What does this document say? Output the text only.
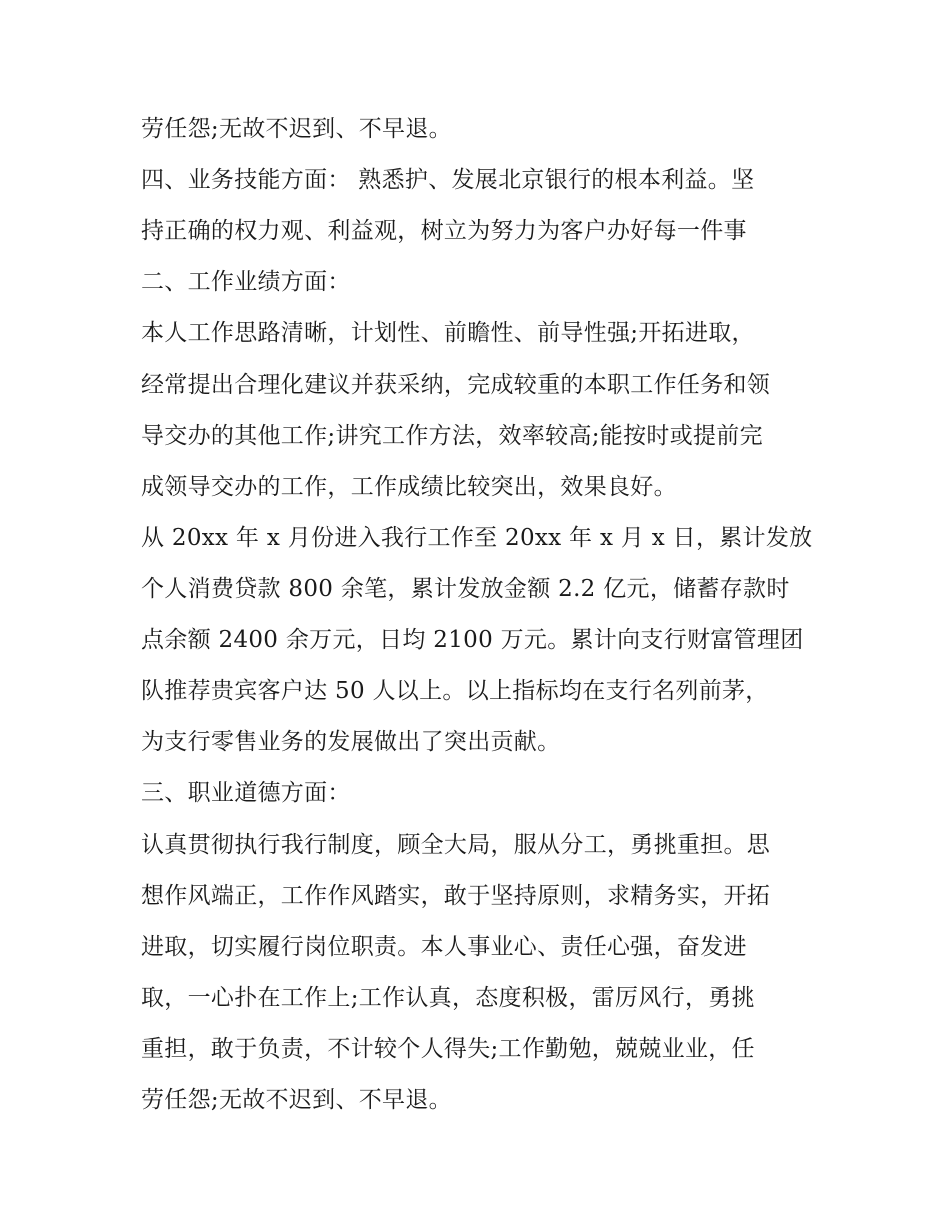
劳任怨;无故不迟到、不早退。
四、业务技能方面： 熟悉护、发展北京银行的根本利益。坚
持正确的权力观、利益观，树立为努力为客户办好每一件事
二、工作业绩方面：
本人工作思路清晰，计划性、前瞻性、前导性强;开拓进取，
经常提出合理化建议并获采纳，完成较重的本职工作任务和领
导交办的其他工作;讲究工作方法，效率较高;能按时或提前完
成领导交办的工作，工作成绩比较突出，效果良好。
从 20xx 年 x 月份进入我行工作至 20xx 年 x 月 x 日，累计发放
个人消费贷款 800 余笔，累计发放金额 2.2 亿元，储蓄存款时
点余额 2400 余万元，日均 2100 万元。累计向支行财富管理团
队推荐贵宾客户达 50 人以上。以上指标均在支行名列前茅，
为支行零售业务的发展做出了突出贡献。
三、职业道德方面：
认真贯彻执行我行制度，顾全大局，服从分工，勇挑重担。思
想作风端正，工作作风踏实，敢于坚持原则，求精务实，开拓
进取，切实履行岗位职责。本人事业心、责任心强，奋发进
取，一心扑在工作上;工作认真，态度积极，雷厉风行，勇挑
重担，敢于负责，不计较个人得失;工作勤勉，兢兢业业，任
劳任怨;无故不迟到、不早退。
